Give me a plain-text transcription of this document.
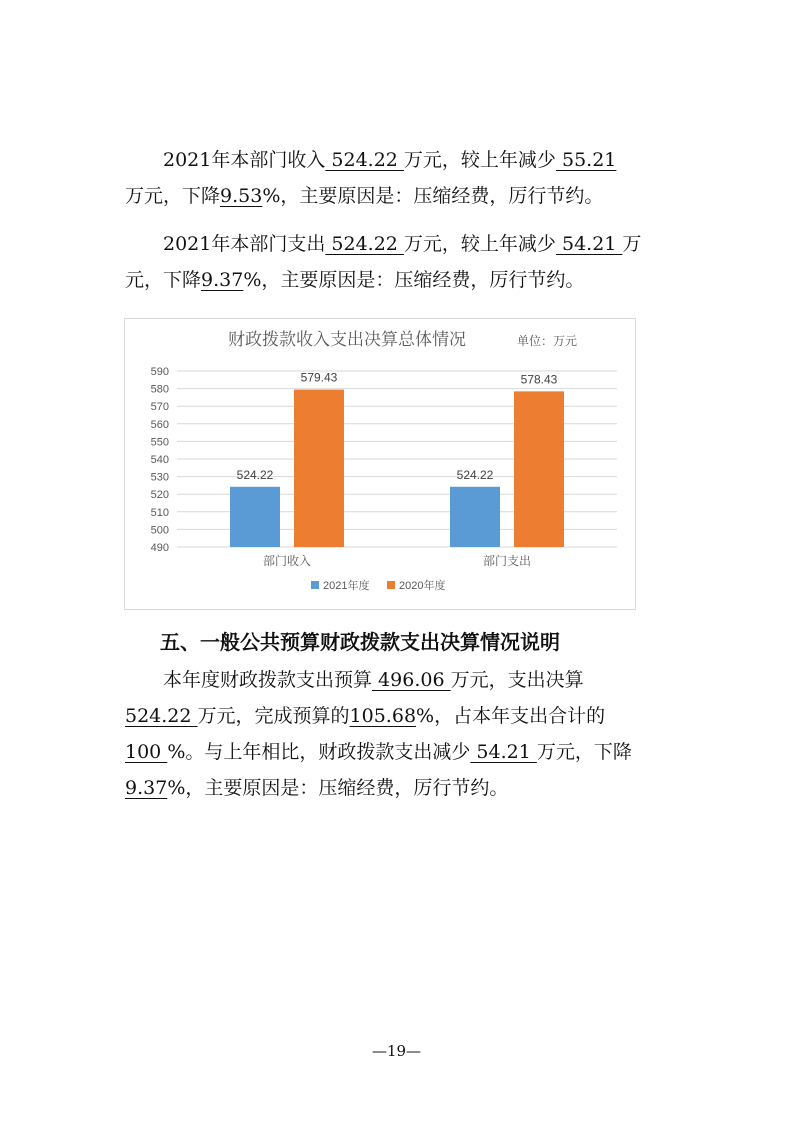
2021年本部门收入 524.22 万元，较上年减少 55.21
万元，下降9.53%，主要原因是：压缩经费，厉行节约。
2021年本部门支出 524.22 万元，较上年减少 54.21 万
元，下降9.37%，主要原因是：压缩经费，厉行节约。
财政拨款收入支出决算总体情况	单位：万元
590
580
570
560
550
540
530
520
510
500
490
524.22
579.43
部门收入
524.22
578.43
部门支出
2021年度	2020年度
五、一般公共预算财政拨款支出决算情况说明
本年度财政拨款支出预算 496.06 万元，支出决算
524.22 万元，完成预算的105.68%，占本年支出合计的
100 %。与上年相比，财政拨款支出减少 54.21 万元，下降
9.37%，主要原因是：压缩经费，厉行节约。
—19—
